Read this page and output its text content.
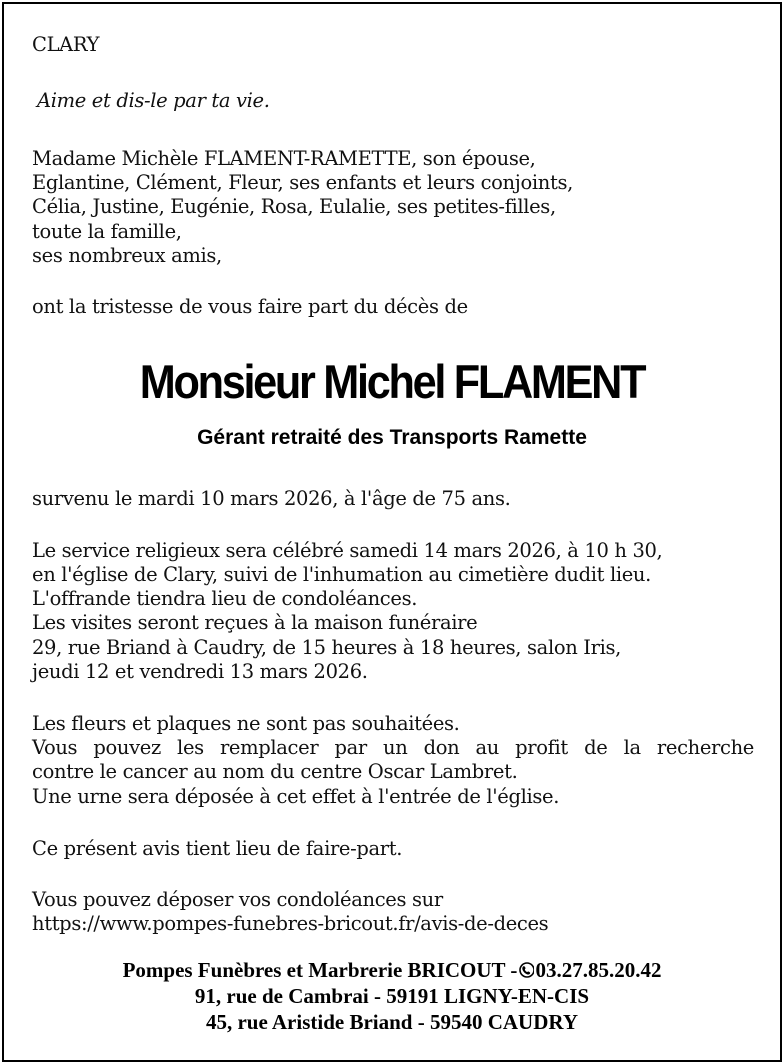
CLARY
Aime et dis-le par ta vie.
Madame Michèle FLAMENT-RAMETTE, son épouse,
Eglantine, Clément, Fleur, ses enfants et leurs conjoints,
Célia, Justine, Eugénie, Rosa, Eulalie, ses petites-filles,
toute la famille,
ses nombreux amis,
ont la tristesse de vous faire part du décès de
Monsieur Michel FLAMENT
Gérant retraité des Transports Ramette
survenu le mardi 10 mars 2026, à l'âge de 75 ans.
Le service religieux sera célébré samedi 14 mars 2026, à 10 h 30,
en l'église de Clary, suivi de l'inhumation au cimetière dudit lieu.
L'offrande tiendra lieu de condoléances.
Les visites seront reçues à la maison funéraire
29, rue Briand à Caudry, de 15 heures à 18 heures, salon Iris,
jeudi 12 et vendredi 13 mars 2026.
Les fleurs et plaques ne sont pas souhaitées.
Vous pouvez les remplacer par un don au profit de la recherche
contre le cancer au nom du centre Oscar Lambret.
Une urne sera déposée à cet effet à l'entrée de l'église.
Ce présent avis tient lieu de faire-part.
Vous pouvez déposer vos condoléances sur
https://www.pompes-funebres-bricout.fr/avis-de-deces
Pompes Funèbres et Marbrerie BRICOUT - 03.27.85.20.42
91, rue de Cambrai - 59191 LIGNY-EN-CIS
45, rue Aristide Briand - 59540 CAUDRY
